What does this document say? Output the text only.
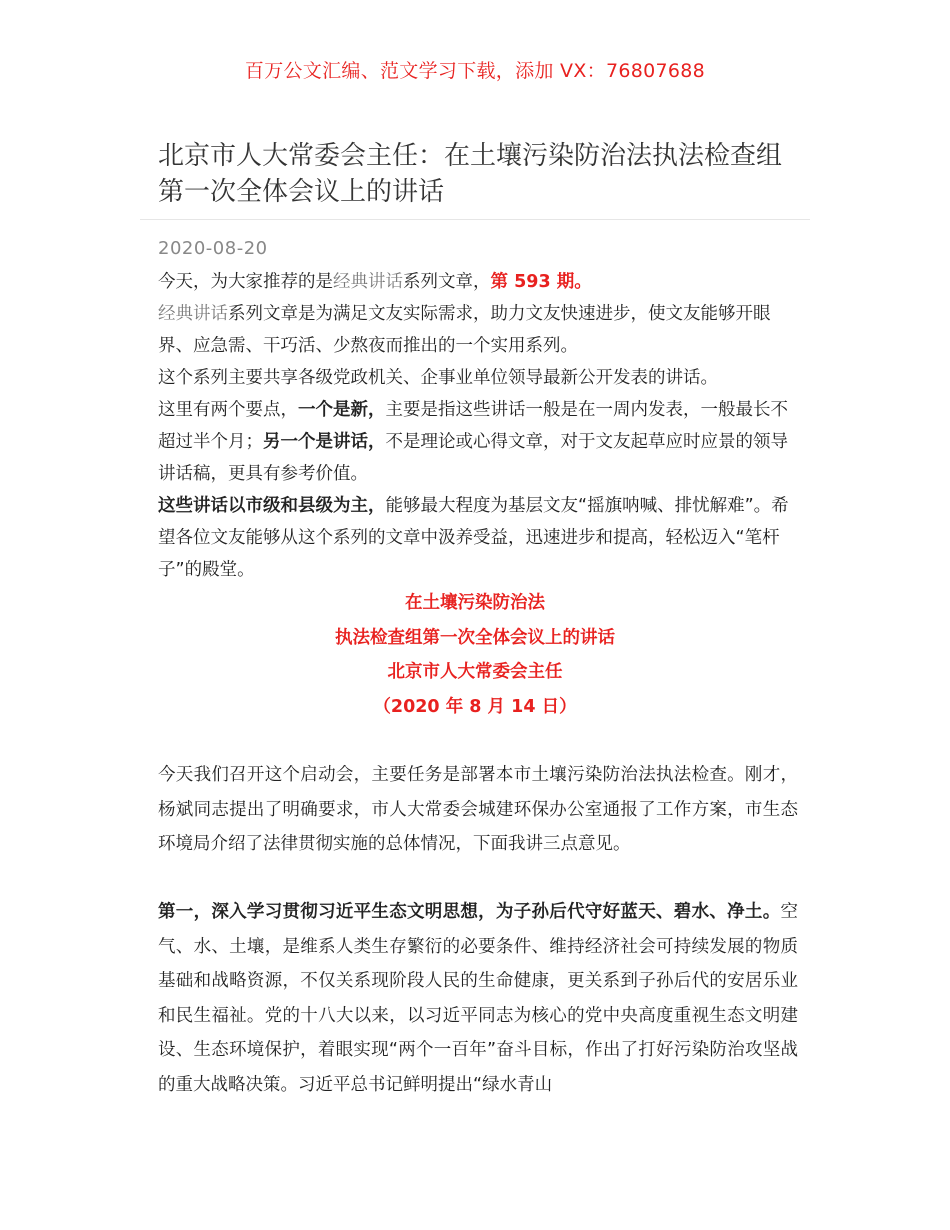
百万公文汇编、范文学习下载，添加 VX：76807688
北京市人大常委会主任：在土壤污染防治法执法检查组
第一次全体会议上的讲话
2020-08-20

今天，为大家推荐的是经典讲话系列文章，第 593 期。

经典讲话系列文章是为满足文友实际需求，助力文友快速进步，使文友能够开眼界、应急需、干巧活、少熬夜而推出的一个实用系列。

这个系列主要共享各级党政机关、企事业单位领导最新公开发表的讲话。

这里有两个要点，一个是新，主要是指这些讲话一般是在一周内发表，一般最长不超过半个月；另一个是讲话，不是理论或心得文章，对于文友起草应时应景的领导讲话稿，更具有参考价值。

这些讲话以市级和县级为主，能够最大程度为基层文友“摇旗呐喊、排忧解难”。希望各位文友能够从这个系列的文章中汲养受益，迅速进步和提高，轻松迈入“笔杆子”的殿堂。

在土壤污染防治法
执法检查组第一次全体会议上的讲话
北京市人大常委会主任
（2020 年 8 月 14 日）

今天我们召开这个启动会，主要任务是部署本市土壤污染防治法执法检查。刚才，杨斌同志提出了明确要求，市人大常委会城建环保办公室通报了工作方案，市生态环境局介绍了法律贯彻实施的总体情况，下面我讲三点意见。

第一，深入学习贯彻习近平生态文明思想，为子孙后代守好蓝天、碧水、净土。空气、水、土壤，是维系人类生存繁衍的必要条件、维持经济社会可持续发展的物质基础和战略资源，不仅关系现阶段人民的生命健康，更关系到子孙后代的安居乐业和民生福祉。党的十八大以来，以习近平同志为核心的党中央高度重视生态文明建设、生态环境保护，着眼实现“两个一百年”奋斗目标，作出了打好污染防治攻坚战的重大战略决策。习近平总书记鲜明提出“绿水青山
